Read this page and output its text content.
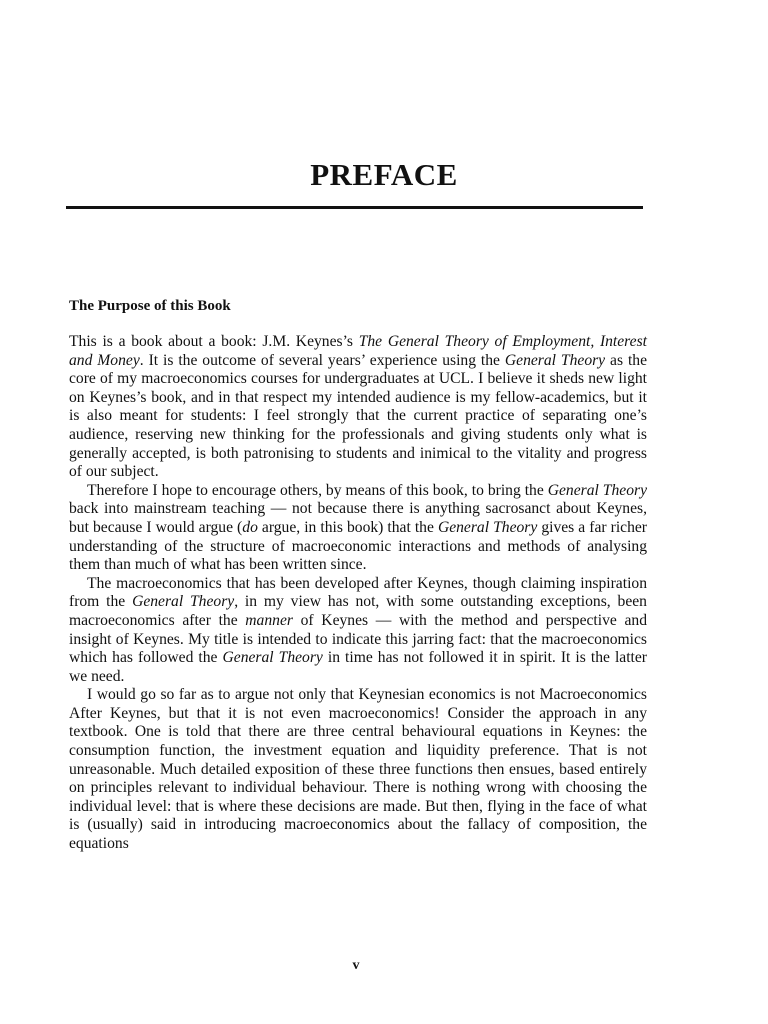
PREFACE
The Purpose of this Book

This is a book about a book: J.M. Keynes’s The General Theory of Employment, Interest and Money. It is the outcome of several years’ experience using the General Theory as the core of my macroeconomics courses for undergraduates at UCL. I believe it sheds new light on Keynes’s book, and in that respect my intended audience is my fellow-academics, but it is also meant for students: I feel strongly that the current practice of separating one’s audience, reserving new thinking for the professionals and giving students only what is generally accepted, is both patronising to students and inimical to the vitality and progress of our subject.

Therefore I hope to encourage others, by means of this book, to bring the General Theory back into mainstream teaching — not because there is anything sacrosanct about Keynes, but because I would argue (do argue, in this book) that the General Theory gives a far richer understanding of the structure of macroeconomic interactions and methods of analysing them than much of what has been written since.

The macroeconomics that has been developed after Keynes, though claiming inspiration from the General Theory, in my view has not, with some outstanding exceptions, been macroeconomics after the manner of Keynes — with the method and perspective and insight of Keynes. My title is intended to indicate this jarring fact: that the macroeconomics which has followed the General Theory in time has not followed it in spirit. It is the latter we need.

I would go so far as to argue not only that Keynesian economics is not Macroeconomics After Keynes, but that it is not even macroeconomics! Consider the approach in any textbook. One is told that there are three central behavioural equations in Keynes: the consumption function, the investment equation and liquidity preference. That is not unreasonable. Much detailed exposition of these three functions then ensues, based entirely on principles relevant to individual behaviour. There is nothing wrong with choosing the individual level: that is where these decisions are made. But then, flying in the face of what is (usually) said in introducing macroeconomics about the fallacy of composition, the equations

v
